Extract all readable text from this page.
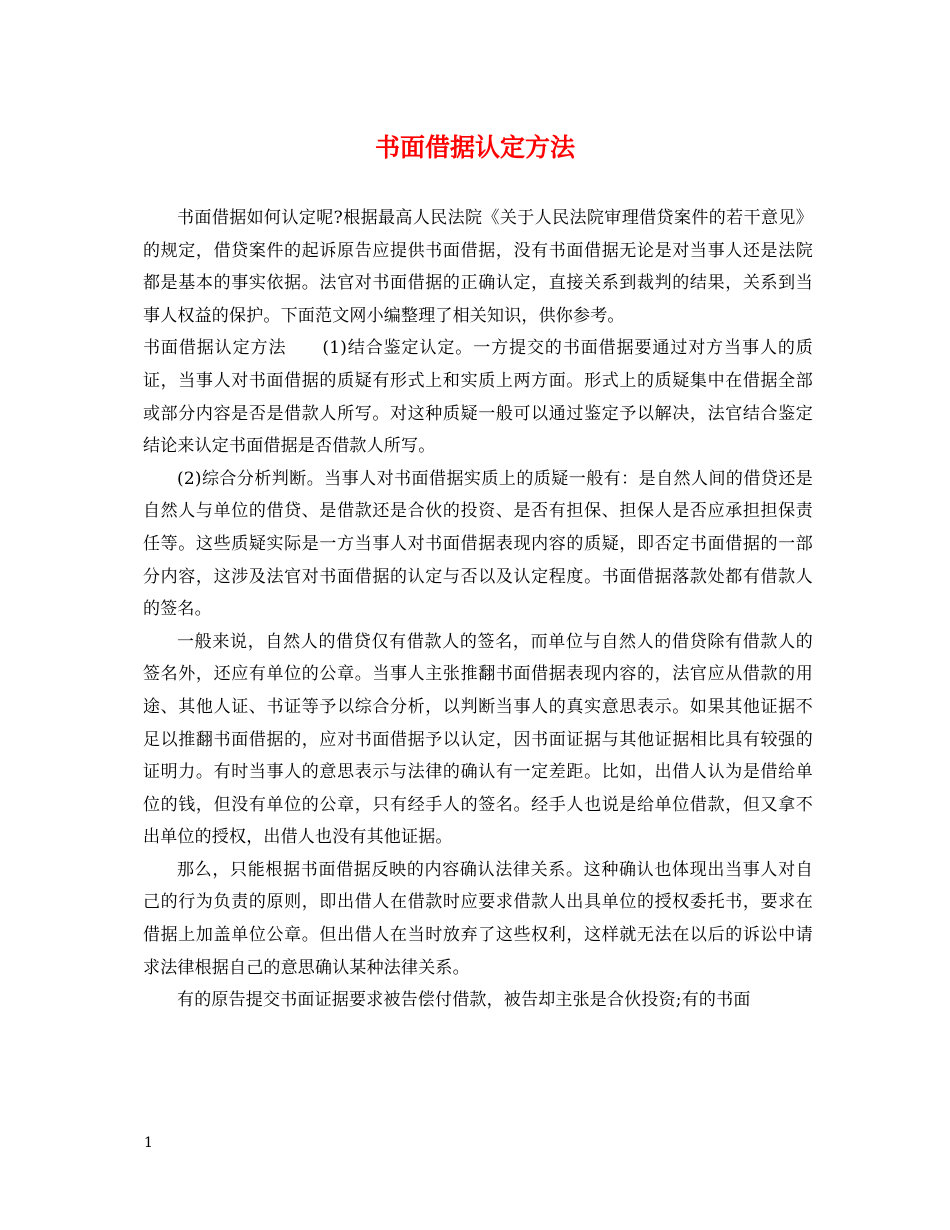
书面借据认定方法

书面借据如何认定呢?根据最高人民法院《关于人民法院审理借贷案件的若干意见》的规定，借贷案件的起诉原告应提供书面借据，没有书面借据无论是对当事人还是法院都是基本的事实依据。法官对书面借据的正确认定，直接关系到裁判的结果，关系到当事人权益的保护。下面范文网小编整理了相关知识，供你参考。

书面借据认定方法 (1)结合鉴定认定。一方提交的书面借据要通过对方当事人的质证，当事人对书面借据的质疑有形式上和实质上两方面。形式上的质疑集中在借据全部或部分内容是否是借款人所写。对这种质疑一般可以通过鉴定予以解决，法官结合鉴定结论来认定书面借据是否借款人所写。

(2)综合分析判断。当事人对书面借据实质上的质疑一般有：是自然人间的借贷还是自然人与单位的借贷、是借款还是合伙的投资、是否有担保、担保人是否应承担担保责任等。这些质疑实际是一方当事人对书面借据表现内容的质疑，即否定书面借据的一部分内容，这涉及法官对书面借据的认定与否以及认定程度。书面借据落款处都有借款人的签名。

一般来说，自然人的借贷仅有借款人的签名，而单位与自然人的借贷除有借款人的签名外，还应有单位的公章。当事人主张推翻书面借据表现内容的，法官应从借款的用途、其他人证、书证等予以综合分析，以判断当事人的真实意思表示。如果其他证据不足以推翻书面借据的，应对书面借据予以认定，因书面证据与其他证据相比具有较强的证明力。有时当事人的意思表示与法律的确认有一定差距。比如，出借人认为是借给单位的钱，但没有单位的公章，只有经手人的签名。经手人也说是给单位借款，但又拿不出单位的授权，出借人也没有其他证据。

那么，只能根据书面借据反映的内容确认法律关系。这种确认也体现出当事人对自己的行为负责的原则，即出借人在借款时应要求借款人出具单位的授权委托书，要求在借据上加盖单位公章。但出借人在当时放弃了这些权利，这样就无法在以后的诉讼中请求法律根据自己的意思确认某种法律关系。

有的原告提交书面证据要求被告偿付借款，被告却主张是合伙投资;有的书面

1
